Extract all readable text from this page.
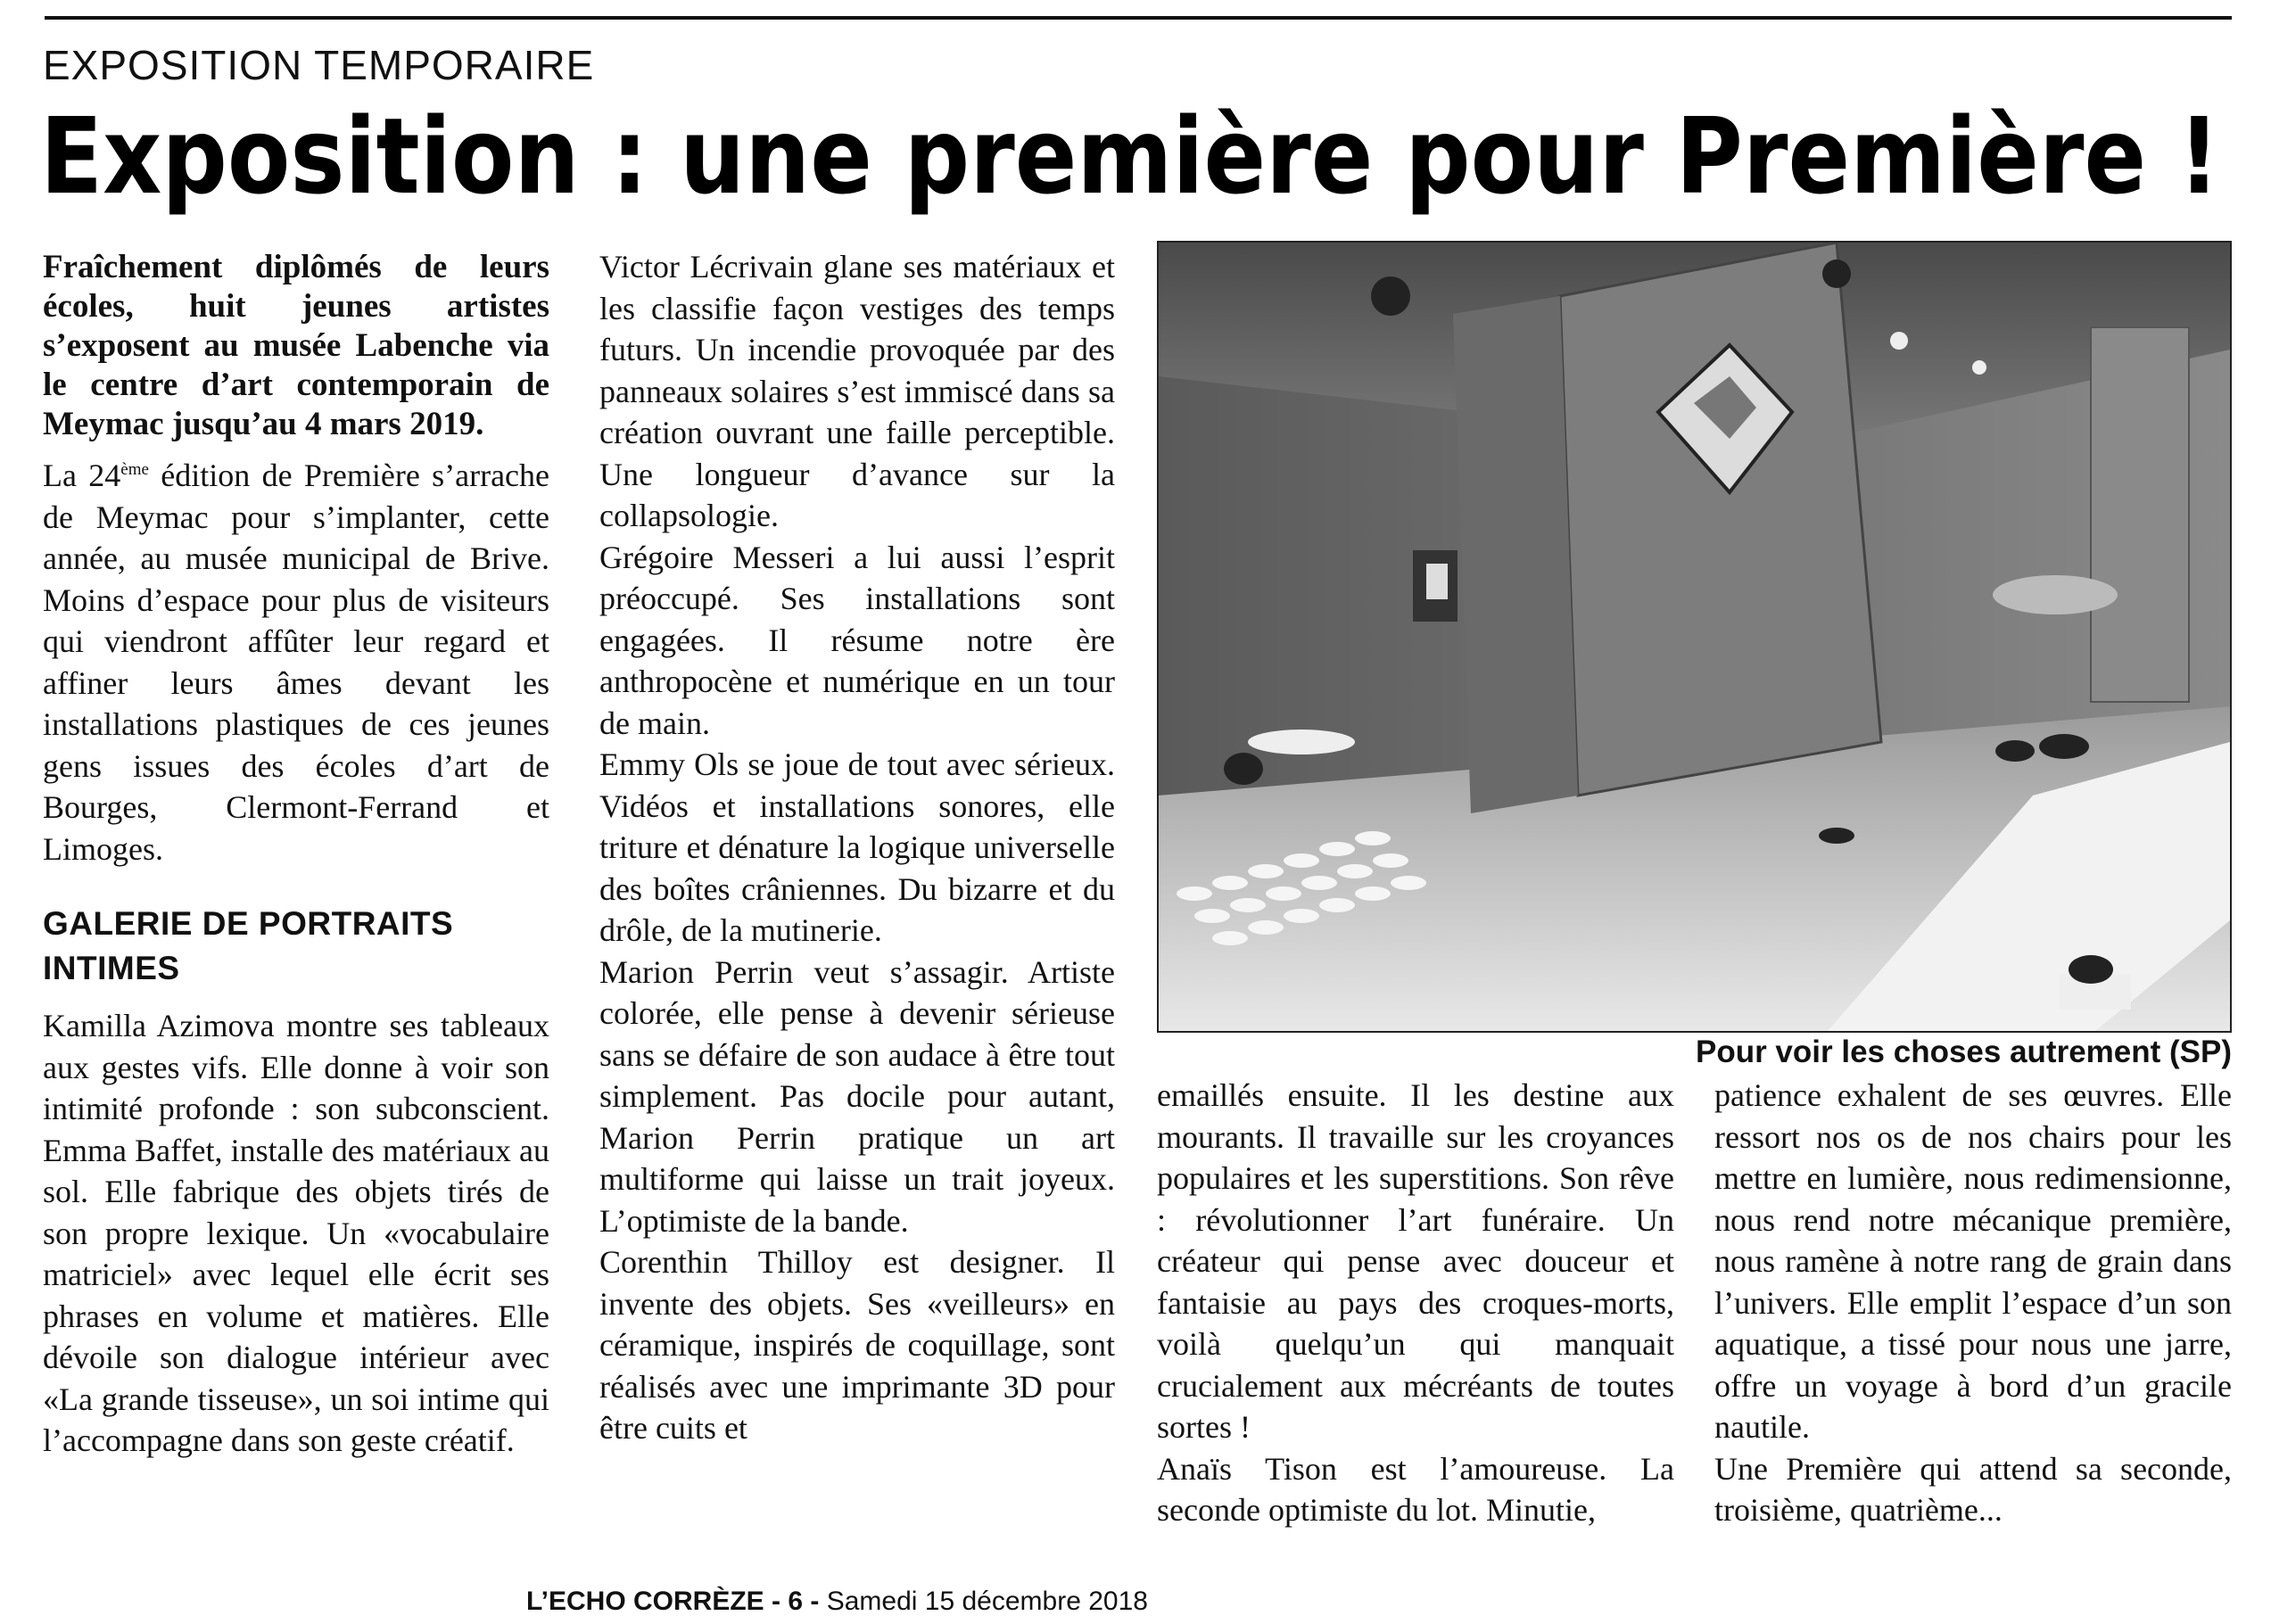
EXPOSITION TEMPORAIRE
Exposition : une première pour Première !

Fraîchement diplômés de leurs écoles, huit jeunes artistes s’exposent au musée Labenche via le centre d’art contemporain de Meymac jusqu’au 4 mars 2019.

La 24ème édition de Première s’arrache de Meymac pour s’implanter, cette année, au musée municipal de Brive. Moins d’espace pour plus de visiteurs qui viendront affûter leur regard et affiner leurs âmes devant les installations plastiques de ces jeunes gens issues des écoles d’art de Bourges, Clermont-Ferrand et Limoges.

GALERIE DE PORTRAITS INTIMES

Kamilla Azimova montre ses tableaux aux gestes vifs. Elle donne à voir son intimité profonde : son subconscient. Emma Baffet, installe des matériaux au sol. Elle fabrique des objets tirés de son propre lexique. Un «vocabulaire matriciel» avec lequel elle écrit ses phrases en volume et matières. Elle dévoile son dialogue intérieur avec «La grande tisseuse», un soi intime qui l’accompagne dans son geste créatif.

Victor Lécrivain glane ses matériaux et les classifie façon vestiges des temps futurs. Un incendie provoquée par des panneaux solaires s’est immiscé dans sa création ouvrant une faille perceptible. Une longueur d’avance sur la collapsologie.

Grégoire Messeri a lui aussi l’esprit préoccupé. Ses installations sont engagées. Il résume notre ère anthropocène et numérique en un tour de main.

Emmy Ols se joue de tout avec sérieux. Vidéos et installations sonores, elle triture et dénature la logique universelle des boîtes crâniennes. Du bizarre et du drôle, de la mutinerie.

Marion Perrin veut s’assagir. Artiste colorée, elle pense à devenir sérieuse sans se défaire de son audace à être tout simplement. Pas docile pour autant, Marion Perrin pratique un art multiforme qui laisse un trait joyeux. L’optimiste de la bande.

Corenthin Thilloy est designer. Il invente des objets. Ses «veilleurs» en céramique, inspirés de coquillage, sont réalisés avec une imprimante 3D pour être cuits et

Pour voir les choses autrement (SP)

emaillés ensuite. Il les destine aux mourants. Il travaille sur les croyances populaires et les superstitions. Son rêve : révolutionner l’art funéraire. Un créateur qui pense avec douceur et fantaisie au pays des croques-morts, voilà quelqu’un qui manquait crucialement aux mécréants de toutes sortes !

Anaïs Tison est l’amoureuse. La seconde optimiste du lot. Minutie,

patience exhalent de ses œuvres. Elle ressort nos os de nos chairs pour les mettre en lumière, nous redimensionne, nous rend notre mécanique première, nous ramène à notre rang de grain dans l’univers. Elle emplit l’espace d’un son aquatique, a tissé pour nous une jarre, offre un voyage à bord d’un gracile nautile.

Une Première qui attend sa seconde, troisième, quatrième...

L’ECHO CORRÈZE - 6 - Samedi 15 décembre 2018
